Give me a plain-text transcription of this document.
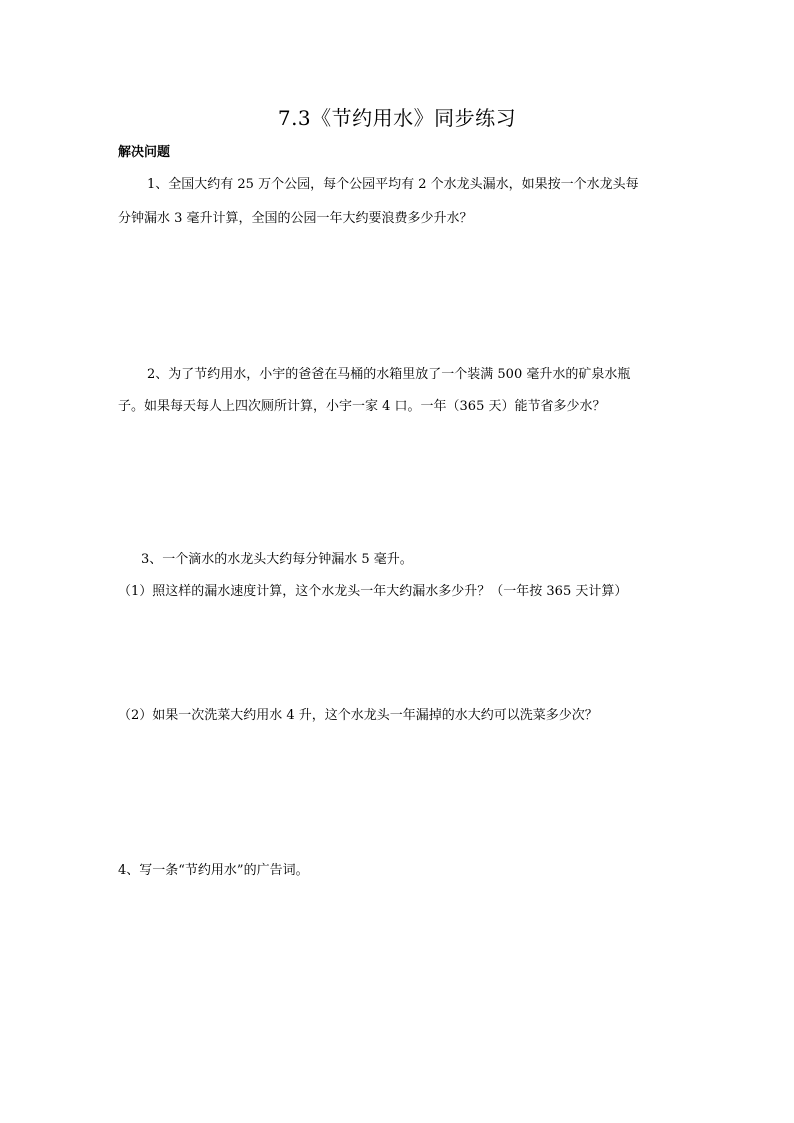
7.3《节约用水》同步练习
解决问题
1、全国大约有 25 万个公园，每个公园平均有 2 个水龙头漏水，如果按一个水龙头每
分钟漏水 3 毫升计算，全国的公园一年大约要浪费多少升水？
2、为了节约用水，小宇的爸爸在马桶的水箱里放了一个装满 500 毫升水的矿泉水瓶
子。如果每天每人上四次厕所计算，小宇一家 4 口。一年（365 天）能节省多少水？
3、一个滴水的水龙头大约每分钟漏水 5 毫升。
（1）照这样的漏水速度计算，这个水龙头一年大约漏水多少升？（一年按 365 天计算）
（2）如果一次洗菜大约用水 4 升，这个水龙头一年漏掉的水大约可以洗菜多少次？
4、写一条“节约用水”的广告词。
